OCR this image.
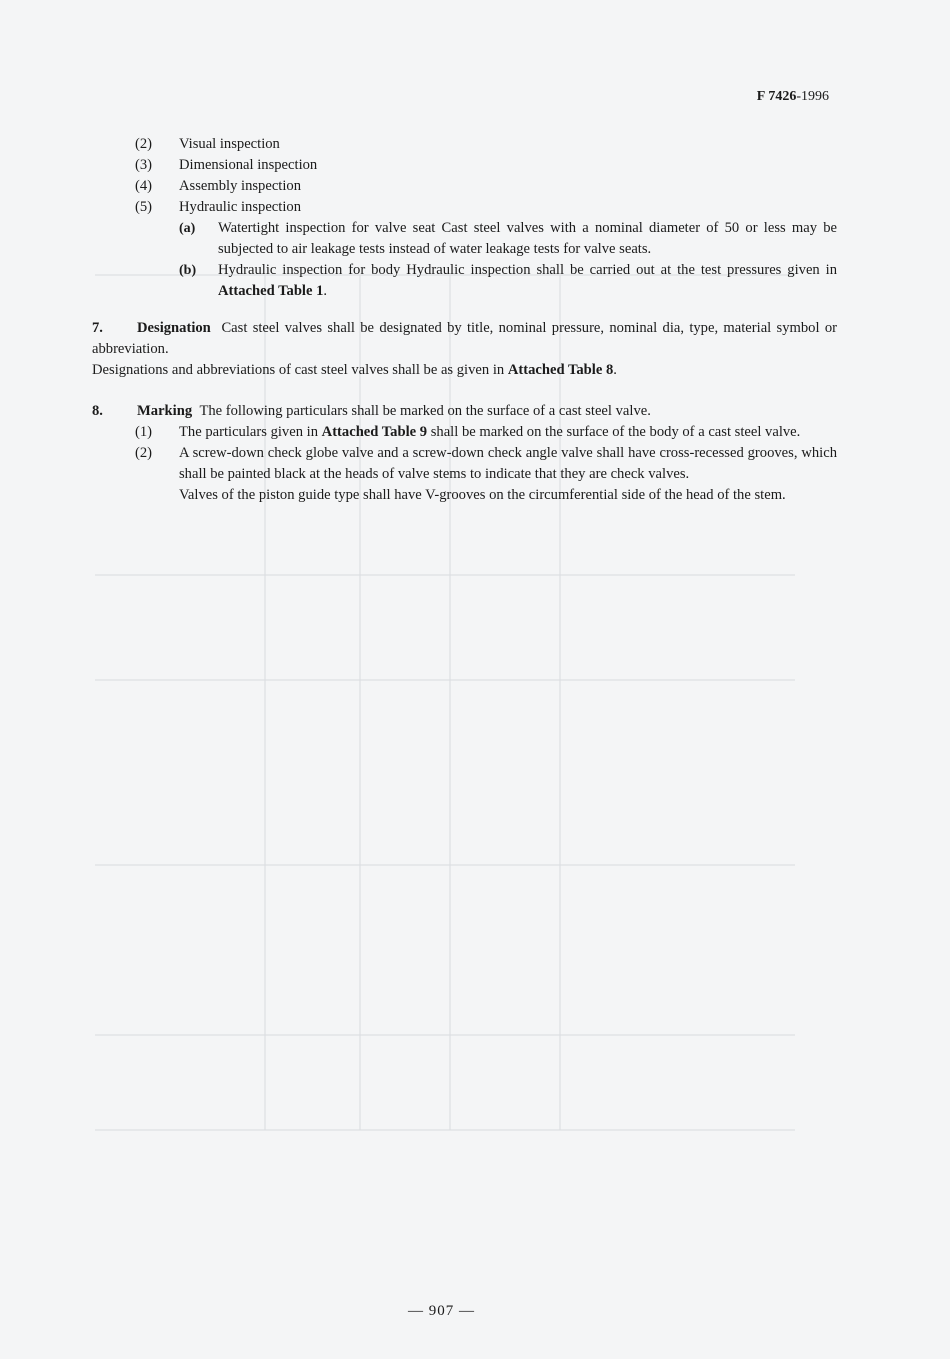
F 7426-1996
(2)	Visual inspection
(3)	Dimensional inspection
(4)	Assembly inspection
(5)	Hydraulic inspection
(a)	Watertight inspection for valve seat Cast steel valves with a nominal diameter of 50 or less may be subjected to air leakage tests instead of water leakage tests for valve seats.
(b)	Hydraulic inspection for body Hydraulic inspection shall be carried out at the test pressures given in Attached Table 1.
7. Designation Cast steel valves shall be designated by title, nominal pressure, nominal dia, type, material symbol or abbreviation.
Designations and abbreviations of cast steel valves shall be as given in Attached Table 8.
8. Marking The following particulars shall be marked on the surface of a cast steel valve.
(1)	The particulars given in Attached Table 9 shall be marked on the surface of the body of a cast steel valve.
(2)	A screw-down check globe valve and a screw-down check angle valve shall have cross-recessed grooves, which shall be painted black at the heads of valve stems to indicate that they are check valves.
Valves of the piston guide type shall have V-grooves on the circumferential side of the head of the stem.
— 907 —
